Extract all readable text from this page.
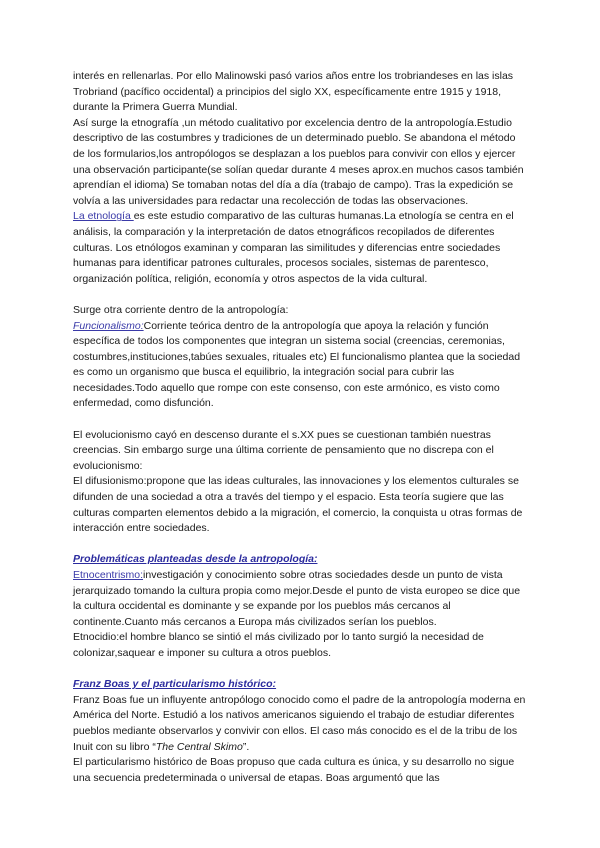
interés en rellenarlas. Por ello Malinowski pasó varios años entre los trobriandeses en las islas Trobriand (pacífico occidental) a principios del siglo XX, específicamente entre 1915 y 1918, durante la Primera Guerra Mundial.

Así surge la etnografía ,un método cualitativo por excelencia dentro de la antropología.Estudio descriptivo de las costumbres y tradiciones de un determinado pueblo. Se abandona el método de los formularios,los antropólogos se desplazan a los pueblos para convivir con ellos y ejercer una observación participante(se solían quedar durante 4 meses aprox.en muchos casos también aprendían el idioma) Se tomaban notas del día a día (trabajo de campo). Tras la expedición se volvía a las universidades para redactar una recolección de todas las observaciones.

La etnología es este estudio comparativo de las culturas humanas.La etnología se centra en el análisis, la comparación y la interpretación de datos etnográficos recopilados de diferentes culturas. Los etnólogos examinan y comparan las similitudes y diferencias entre sociedades humanas para identificar patrones culturales, procesos sociales, sistemas de parentesco, organización política, religión, economía y otros aspectos de la vida cultural.

Surge otra corriente dentro de la antropología:

Funcionalismo:Corriente teórica dentro de la antropología que apoya la relación y función específica de todos los componentes que integran un sistema social (creencias, ceremonias, costumbres,instituciones,tabúes sexuales, rituales etc) El funcionalismo plantea que la sociedad es como un organismo que busca el equilibrio, la integración social para cubrir las necesidades.Todo aquello que rompe con este consenso, con este armónico, es visto como enfermedad, como disfunción.

El evolucionismo cayó en descenso durante el s.XX pues se cuestionan también nuestras creencias. Sin embargo surge una última corriente de pensamiento que no discrepa con el evolucionismo:

El difusionismo:propone que las ideas culturales, las innovaciones y los elementos culturales se difunden de una sociedad a otra a través del tiempo y el espacio. Esta teoría sugiere que las culturas comparten elementos debido a la migración, el comercio, la conquista u otras formas de interacción entre sociedades.

Problemáticas planteadas desde la antropología:

Etnocentrismo:investigación y conocimiento sobre otras sociedades desde un punto de vista jerarquizado tomando la cultura propia como mejor.Desde el punto de vista europeo se dice que la cultura occidental es dominante y se expande por los pueblos más cercanos al continente.Cuanto más cercanos a Europa más civilizados serían los pueblos.

Etnocidio:el hombre blanco se sintió el más civilizado por lo tanto surgió la necesidad de colonizar,saquear e imponer su cultura a otros pueblos.

Franz Boas y el particularismo histórico:

Franz Boas fue un influyente antropólogo conocido como el padre de la antropología moderna en América del Norte. Estudió a los nativos americanos siguiendo el trabajo de estudiar diferentes pueblos mediante observarlos y convivir con ellos. El caso más conocido es el de la tribu de los Inuit con su libro “The Central Skimo”.

El particularismo histórico de Boas propuso que cada cultura es única, y su desarrollo no sigue una secuencia predeterminada o universal de etapas. Boas argumentó que las
